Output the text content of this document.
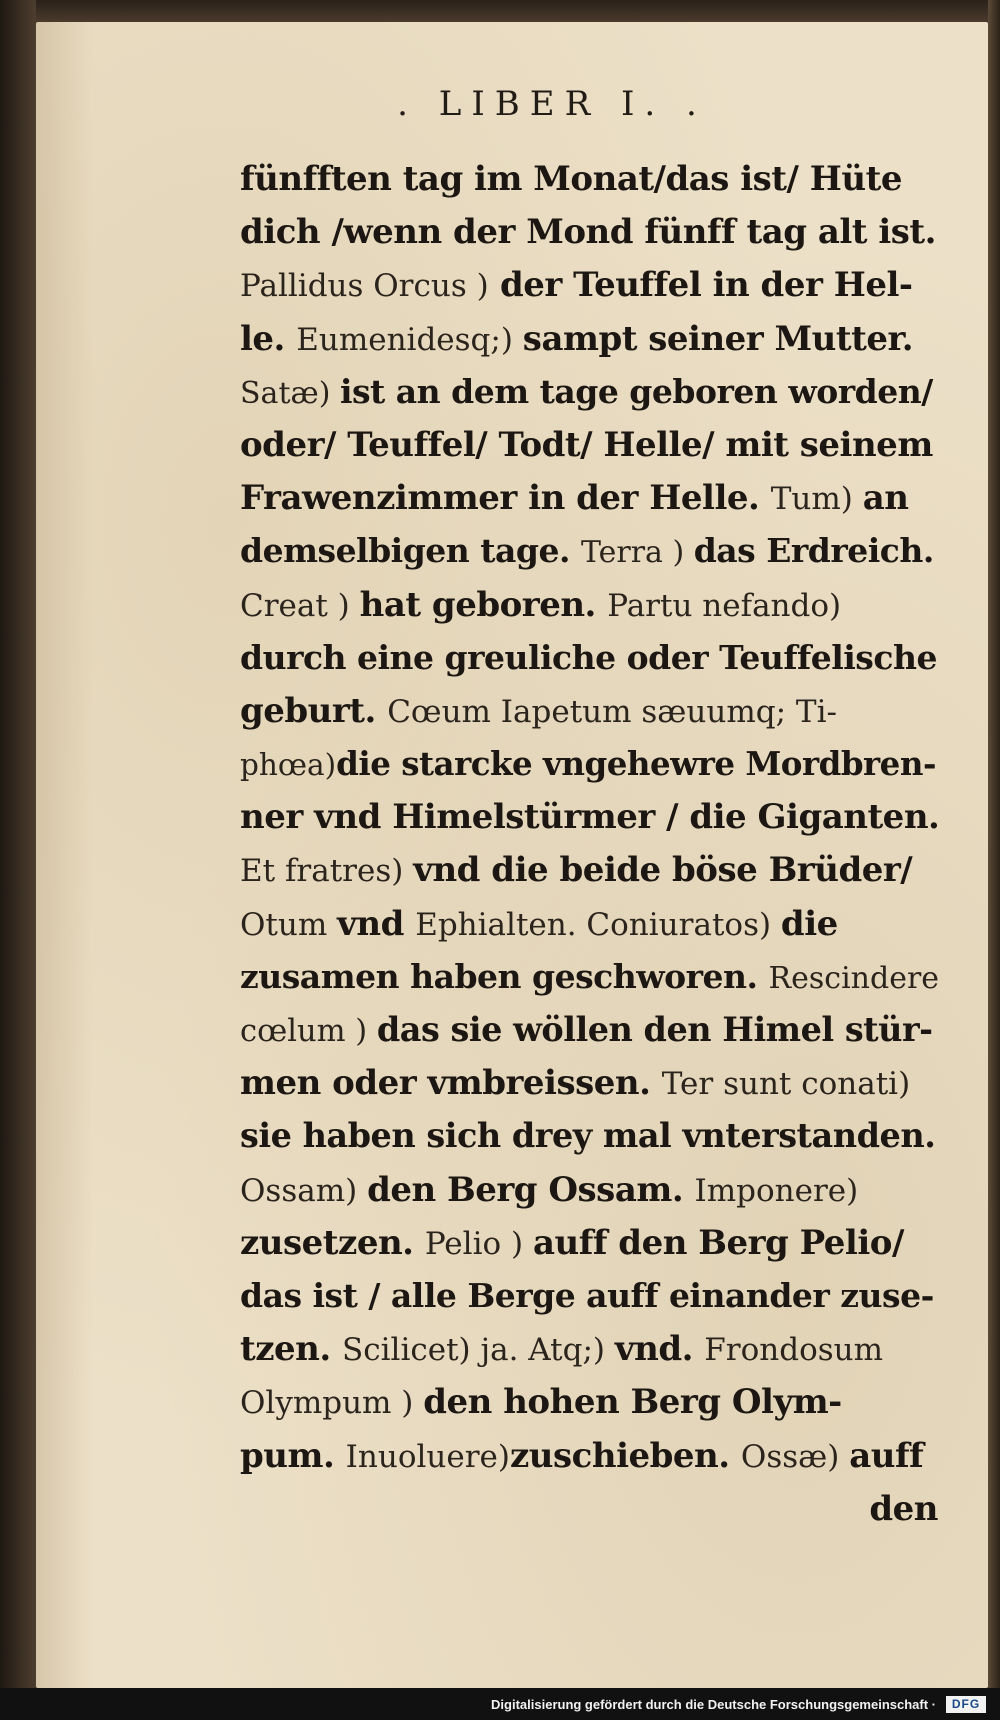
. LIBER I. .
fünfften tag im Monat/das ist/ Hüte
dich /wenn der Mond fünff tag alt ist.
Pallidus Orcus ) der Teuffel in der Hel-
le. Eumenidesq;) sampt seiner Mutter.
Satæ) ist an dem tage geboren worden/
oder/ Teuffel/ Todt/ Helle/ mit seinem
Frawenzimmer in der Helle. Tum) an
demselbigen tage. Terra ) das Erdreich.
Creat ) hat geboren. Partu nefando)
durch eine greuliche oder Teuffelische
geburt. Cœum Iapetum sæuumq; Ti-
phœa)die starcke vngehewre Mordbren-
ner vnd Himelstürmer / die Giganten.
Et fratres) vnd die beide böse Brüder/
Otum vnd Ephialten. Coniuratos) die
zusamen haben geschworen. Rescindere
cœlum ) das sie wöllen den Himel stür-
men oder vmbreissen. Ter sunt conati)
sie haben sich drey mal vnterstanden.
Ossam) den Berg Ossam. Imponere)
zusetzen. Pelio ) auff den Berg Pelio/
das ist / alle Berge auff einander zuse-
tzen. Scilicet) ja. Atq;) vnd. Frondosum
Olympum ) den hohen Berg Olym-
pum. Inuoluere)zuschieben. Ossæ) auff
den
Digitalisierung gefördert durch die Deutsche Forschungsgemeinschaft ·	DFG
